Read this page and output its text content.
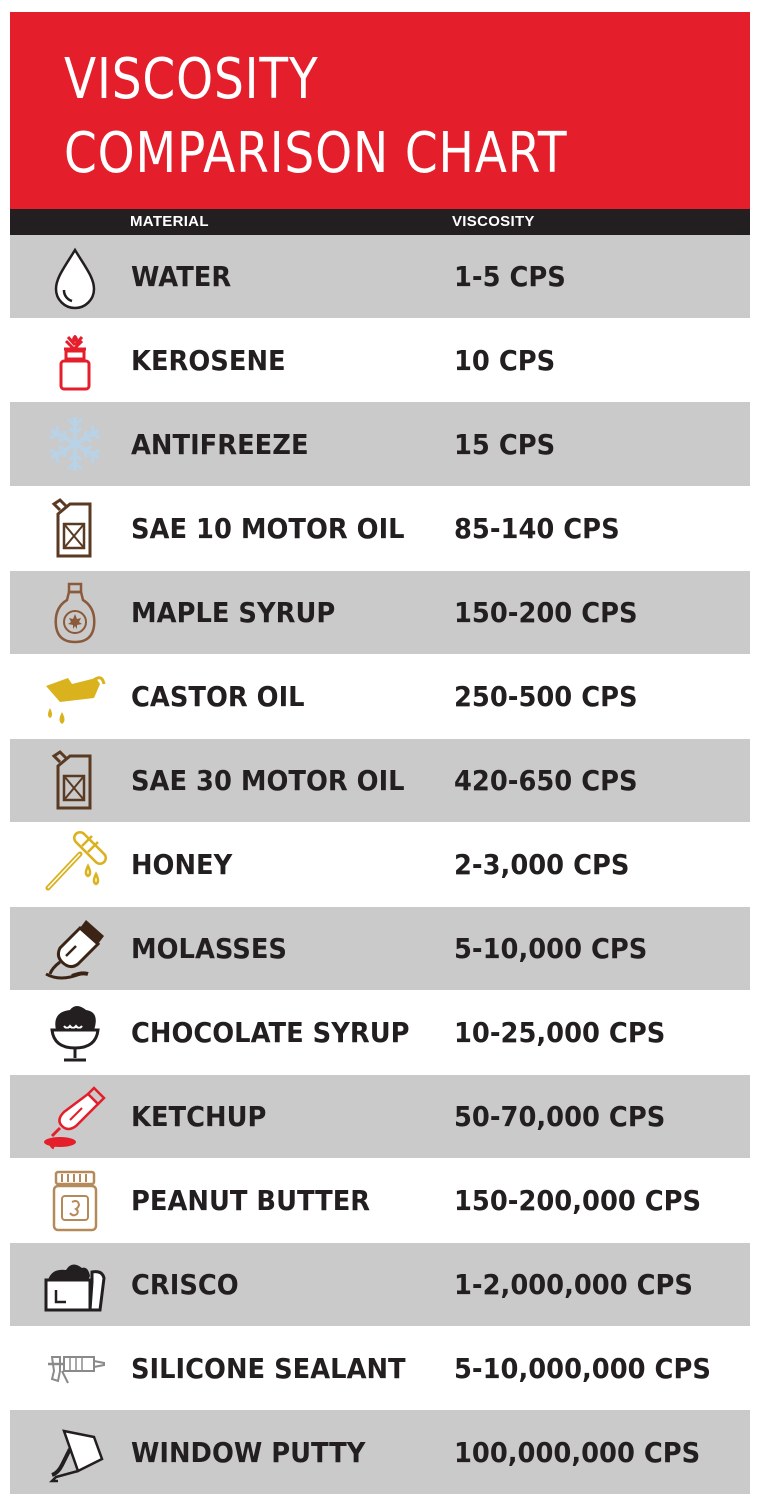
VISCOSITY
COMPARISON CHART
MATERIAL	VISCOSITY
WATER	1-5 CPS
KEROSENE	10 CPS
ANTIFREEZE	15 CPS
SAE 10 MOTOR OIL 85-140 CPS
MAPLE SYRUP	150-200 CPS
CASTOR OIL	250-500 CPS
SAE 30 MOTOR OIL 420-650 CPS
HONEY	2-3,000 CPS
MOLASSES	5-10,000 CPS
CHOCOLATE SYRUP 10-25,000 CPS
KETCHUP	50-70,000 CPS
PEANUT BUTTER	150-200,000 CPS
CRISCO	1-2,000,000 CPS
SILICONE SEALANT 5-10,000,000 CPS
WINDOW PUTTY	100,000,000 CPS
